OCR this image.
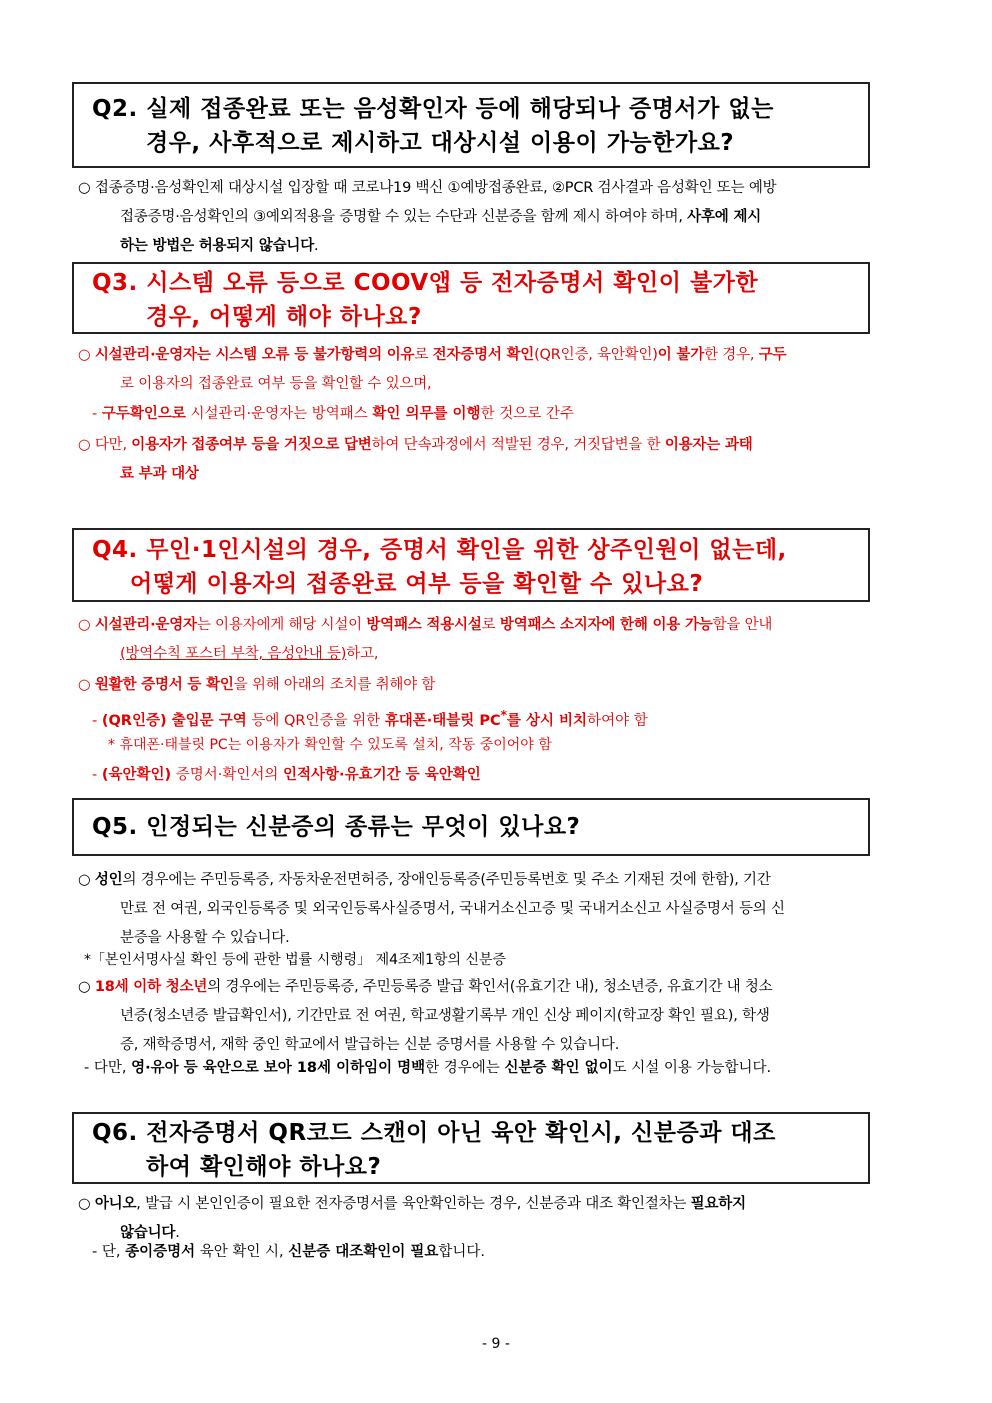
Q2. 실제 접종완료 또는 음성확인자 등에 해당되나 증명서가 없는
경우, 사후적으로 제시하고 대상시설 이용이 가능한가요?
○ 접종증명·음성확인제 대상시설 입장할 때 코로나19 백신 ①예방접종완료, ②PCR 검사결과 음성확인 또는 예방
접종증명·음성확인의 ③예외적용을 증명할 수 있는 수단과 신분증을 함께 제시 하여야 하며, 사후에 제시
하는 방법은 허용되지 않습니다.
Q3. 시스템 오류 등으로 COOV앱 등 전자증명서 확인이 불가한
경우, 어떻게 해야 하나요?
○ 시설관리·운영자는 시스템 오류 등 불가항력의 이유로 전자증명서 확인(QR인증, 육안확인)이 불가한 경우, 구두
로 이용자의 접종완료 여부 등을 확인할 수 있으며,
- 구두확인으로 시설관리·운영자는 방역패스 확인 의무를 이행한 것으로 간주
○ 다만, 이용자가 접종여부 등을 거짓으로 답변하여 단속과정에서 적발된 경우, 거짓답변을 한 이용자는 과태
료 부과 대상
Q4. 무인·1인시설의 경우, 증명서 확인을 위한 상주인원이 없는데,
어떻게 이용자의 접종완료 여부 등을 확인할 수 있나요?
○ 시설관리·운영자는 이용자에게 해당 시설이 방역패스 적용시설로 방역패스 소지자에 한해 이용 가능함을 안내
(방역수칙 포스터 부착, 음성안내 등)하고,
○ 원활한 증명서 등 확인을 위해 아래의 조치를 취해야 함
- (QR인증) 출입문 구역 등에 QR인증을 위한 휴대폰·태블릿 PC*를 상시 비치하여야 함
* 휴대폰·태블릿 PC는 이용자가 확인할 수 있도록 설치, 작동 중이어야 함
- (육안확인) 증명서·확인서의 인적사항·유효기간 등 육안확인
Q5. 인정되는 신분증의 종류는 무엇이 있나요?
○ 성인의 경우에는 주민등록증, 자동차운전면허증, 장애인등록증(주민등록번호 및 주소 기재된 것에 한함), 기간
만료 전 여권, 외국인등록증 및 외국인등록사실증명서, 국내거소신고증 및 국내거소신고 사실증명서 등의 신
분증을 사용할 수 있습니다.
*「본인서명사실 확인 등에 관한 법률 시행령」 제4조제1항의 신분증
○ 18세 이하 청소년의 경우에는 주민등록증, 주민등록증 발급 확인서(유효기간 내), 청소년증, 유효기간 내 청소
년증(청소년증 발급확인서), 기간만료 전 여권, 학교생활기록부 개인 신상 페이지(학교장 확인 필요), 학생
증, 재학증명서, 재학 중인 학교에서 발급하는 신분 증명서를 사용할 수 있습니다.
- 다만, 영·유아 등 육안으로 보아 18세 이하임이 명백한 경우에는 신분증 확인 없이도 시설 이용 가능합니다.
Q6. 전자증명서 QR코드 스캔이 아닌 육안 확인시, 신분증과 대조
하여 확인해야 하나요?
○ 아니오, 발급 시 본인인증이 필요한 전자증명서를 육안확인하는 경우, 신분증과 대조 확인절차는 필요하지
않습니다.
- 단, 종이증명서 육안 확인 시, 신분증 대조확인이 필요합니다.
- 9 -
